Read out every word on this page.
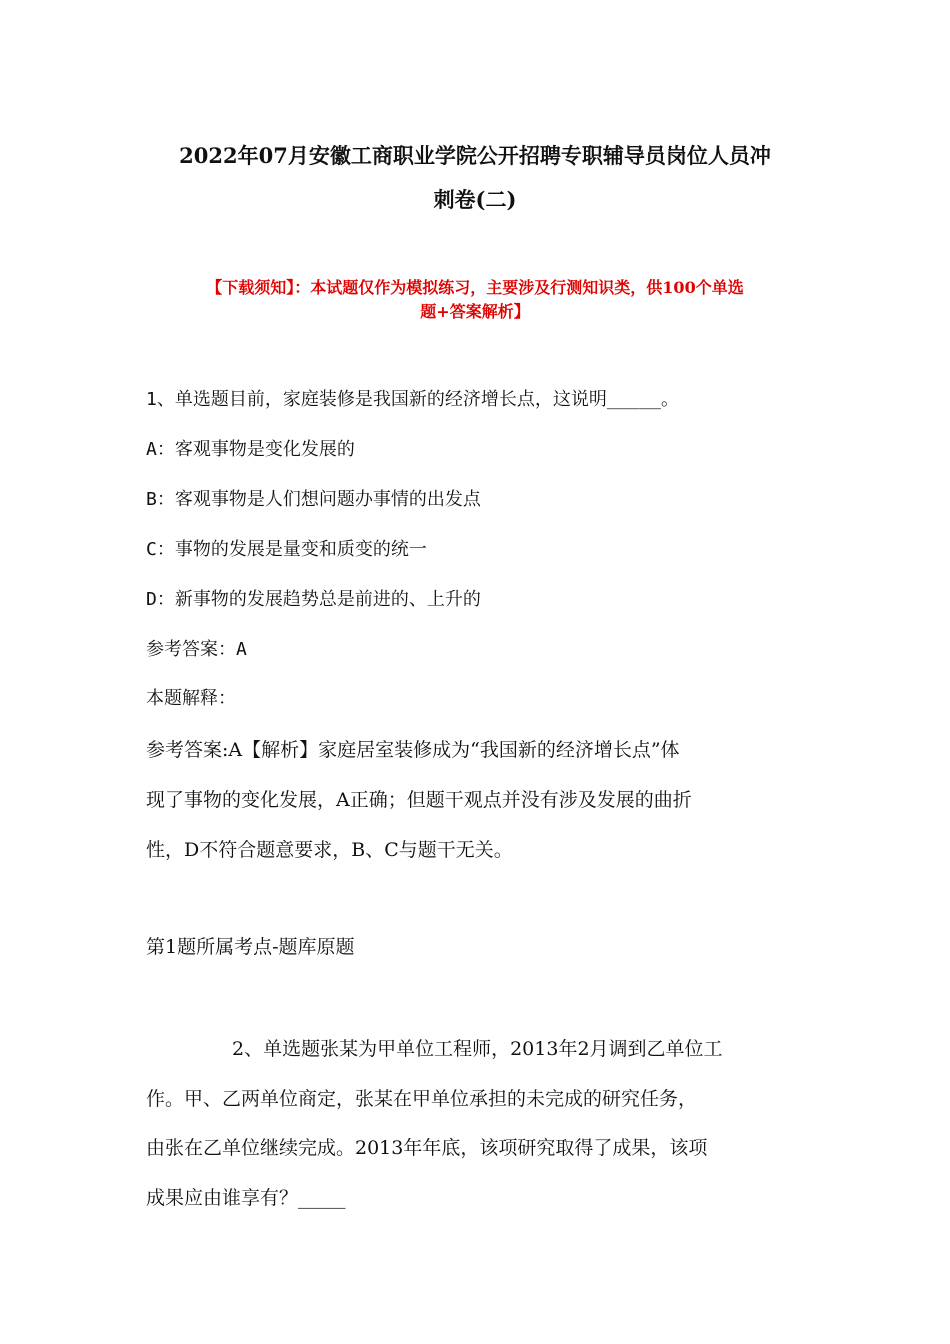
2022年07月安徽工商职业学院公开招聘专职辅导员岗位人员冲
刺卷(二)
【下载须知】：本试题仅作为模拟练习，主要涉及行测知识类，供100个单选
题+答案解析】
1、单选题目前，家庭装修是我国新的经济增长点，这说明_____。
A：客观事物是变化发展的
B：客观事物是人们想问题办事情的出发点
C：事物的发展是量变和质变的统一
D：新事物的发展趋势总是前进的、上升的
参考答案：A
本题解释：
参考答案:A【解析】家庭居室装修成为“我国新的经济增长点”体
现了事物的变化发展，A正确；但题干观点并没有涉及发展的曲折
性，D不符合题意要求，B、C与题干无关。
第1题所属考点-题库原题
2、单选题张某为甲单位工程师，2013年2月调到乙单位工
作。甲、乙两单位商定，张某在甲单位承担的未完成的研究任务，
由张在乙单位继续完成。2013年年底，该项研究取得了成果，该项
成果应由谁享有？_____
